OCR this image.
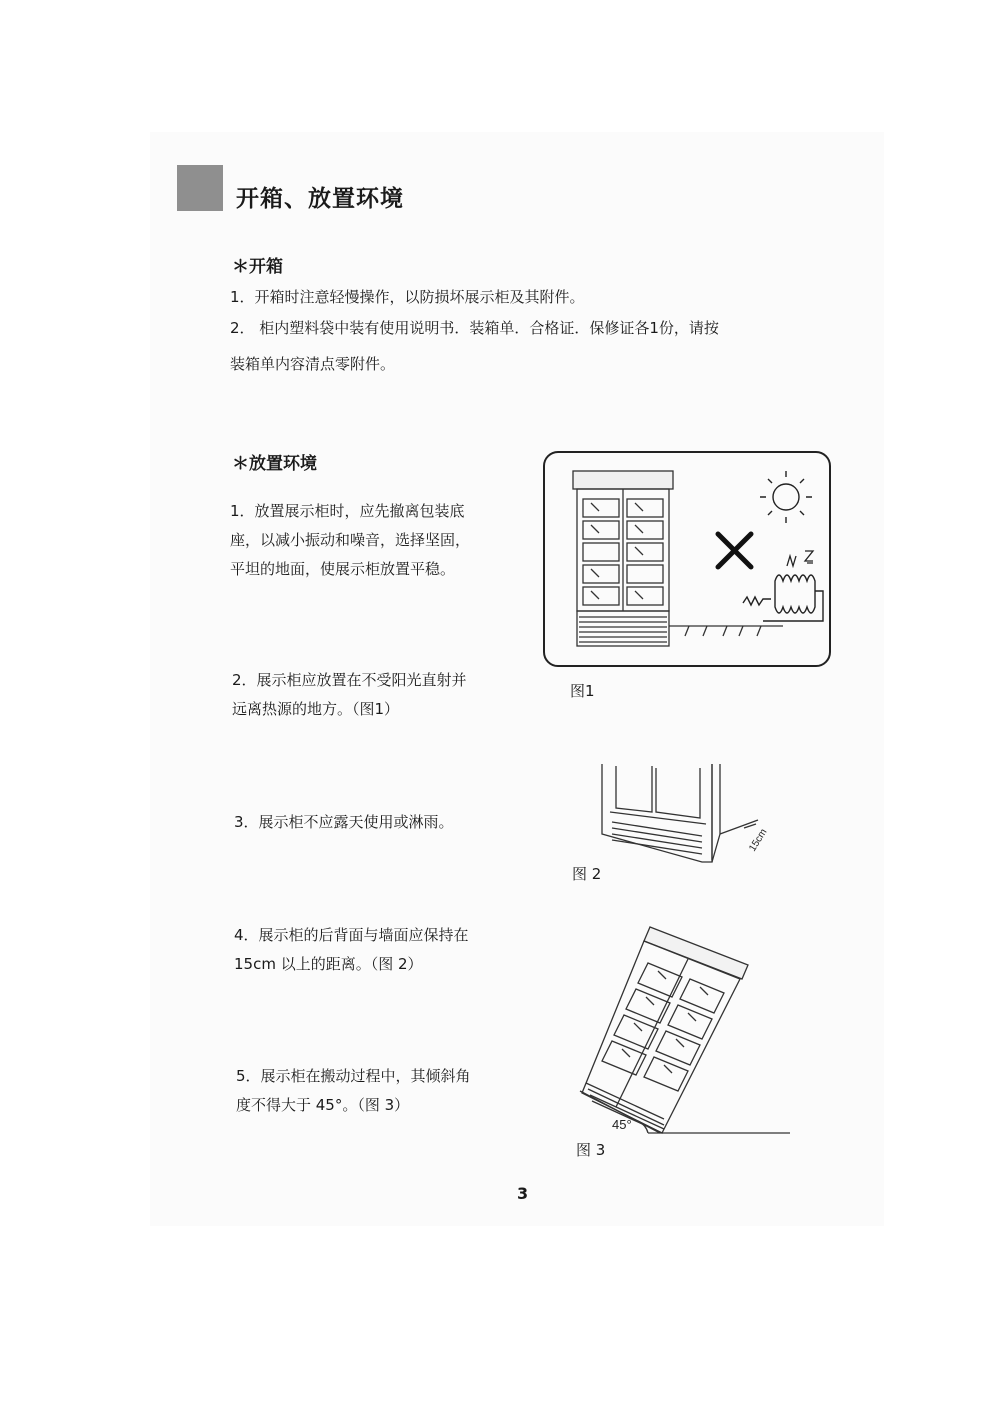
开箱、放置环境
＊开箱
1．开箱时注意轻慢操作，以防损坏展示柜及其附件。
2． 柜内塑料袋中装有使用说明书．装箱单．合格证．保修证各1份，请按
装箱单内容清点零附件。
＊放置环境
1．放置展示柜时，应先撤离包装底
座，以减小振动和噪音，选择坚固，
平坦的地面，使展示柜放置平稳。
2．展示柜应放置在不受阳光直射并
远离热源的地方。（图1）
3．展示柜不应露天使用或淋雨。
4．展示柜的后背面与墙面应保持在
15cm 以上的距离。（图 2）
5．展示柜在搬动过程中，其倾斜角
度不得大于 45°。（图 3）
图1
15cm
图 2
45°
图 3
3
